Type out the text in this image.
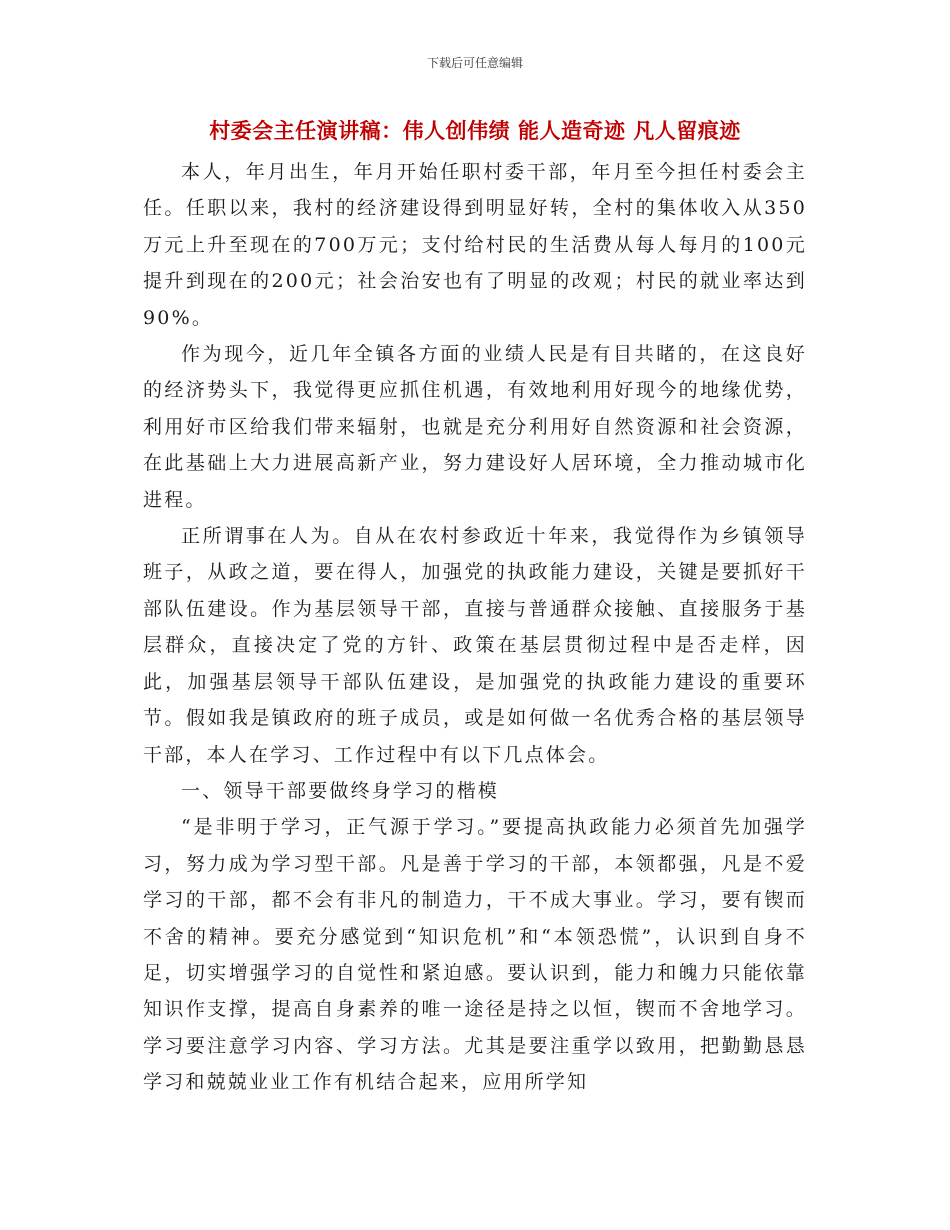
下载后可任意编辑
村委会主任演讲稿：伟人创伟绩 能人造奇迹 凡人留痕迹

本人，年月出生，年月开始任职村委干部，年月至今担任村委会主任。任职以来，我村的经济建设得到明显好转，全村的集体收入从350万元上升至现在的700万元；支付给村民的生活费从每人每月的100元提升到现在的200元；社会治安也有了明显的改观；村民的就业率达到90%。

作为现今，近几年全镇各方面的业绩人民是有目共睹的，在这良好的经济势头下，我觉得更应抓住机遇，有效地利用好现今的地缘优势，利用好市区给我们带来辐射，也就是充分利用好自然资源和社会资源，在此基础上大力进展高新产业，努力建设好人居环境，全力推动城市化进程。

正所谓事在人为。自从在农村参政近十年来，我觉得作为乡镇领导班子，从政之道，要在得人，加强党的执政能力建设，关键是要抓好干部队伍建设。作为基层领导干部，直接与普通群众接触、直接服务于基层群众，直接决定了党的方针、政策在基层贯彻过程中是否走样，因此，加强基层领导干部队伍建设，是加强党的执政能力建设的重要环节。假如我是镇政府的班子成员，或是如何做一名优秀合格的基层领导干部，本人在学习、工作过程中有以下几点体会。

一、领导干部要做终身学习的楷模

“是非明于学习，正气源于学习。”要提高执政能力必须首先加强学习，努力成为学习型干部。凡是善于学习的干部，本领都强，凡是不爱学习的干部，都不会有非凡的制造力，干不成大事业。学习，要有锲而不舍的精神。要充分感觉到“知识危机”和“本领恐慌”，认识到自身不足，切实增强学习的自觉性和紧迫感。要认识到，能力和魄力只能依靠知识作支撑，提高自身素养的唯一途径是持之以恒，锲而不舍地学习。学习要注意学习内容、学习方法。尤其是要注重学以致用，把勤勤恳恳学习和兢兢业业工作有机结合起来，应用所学知
